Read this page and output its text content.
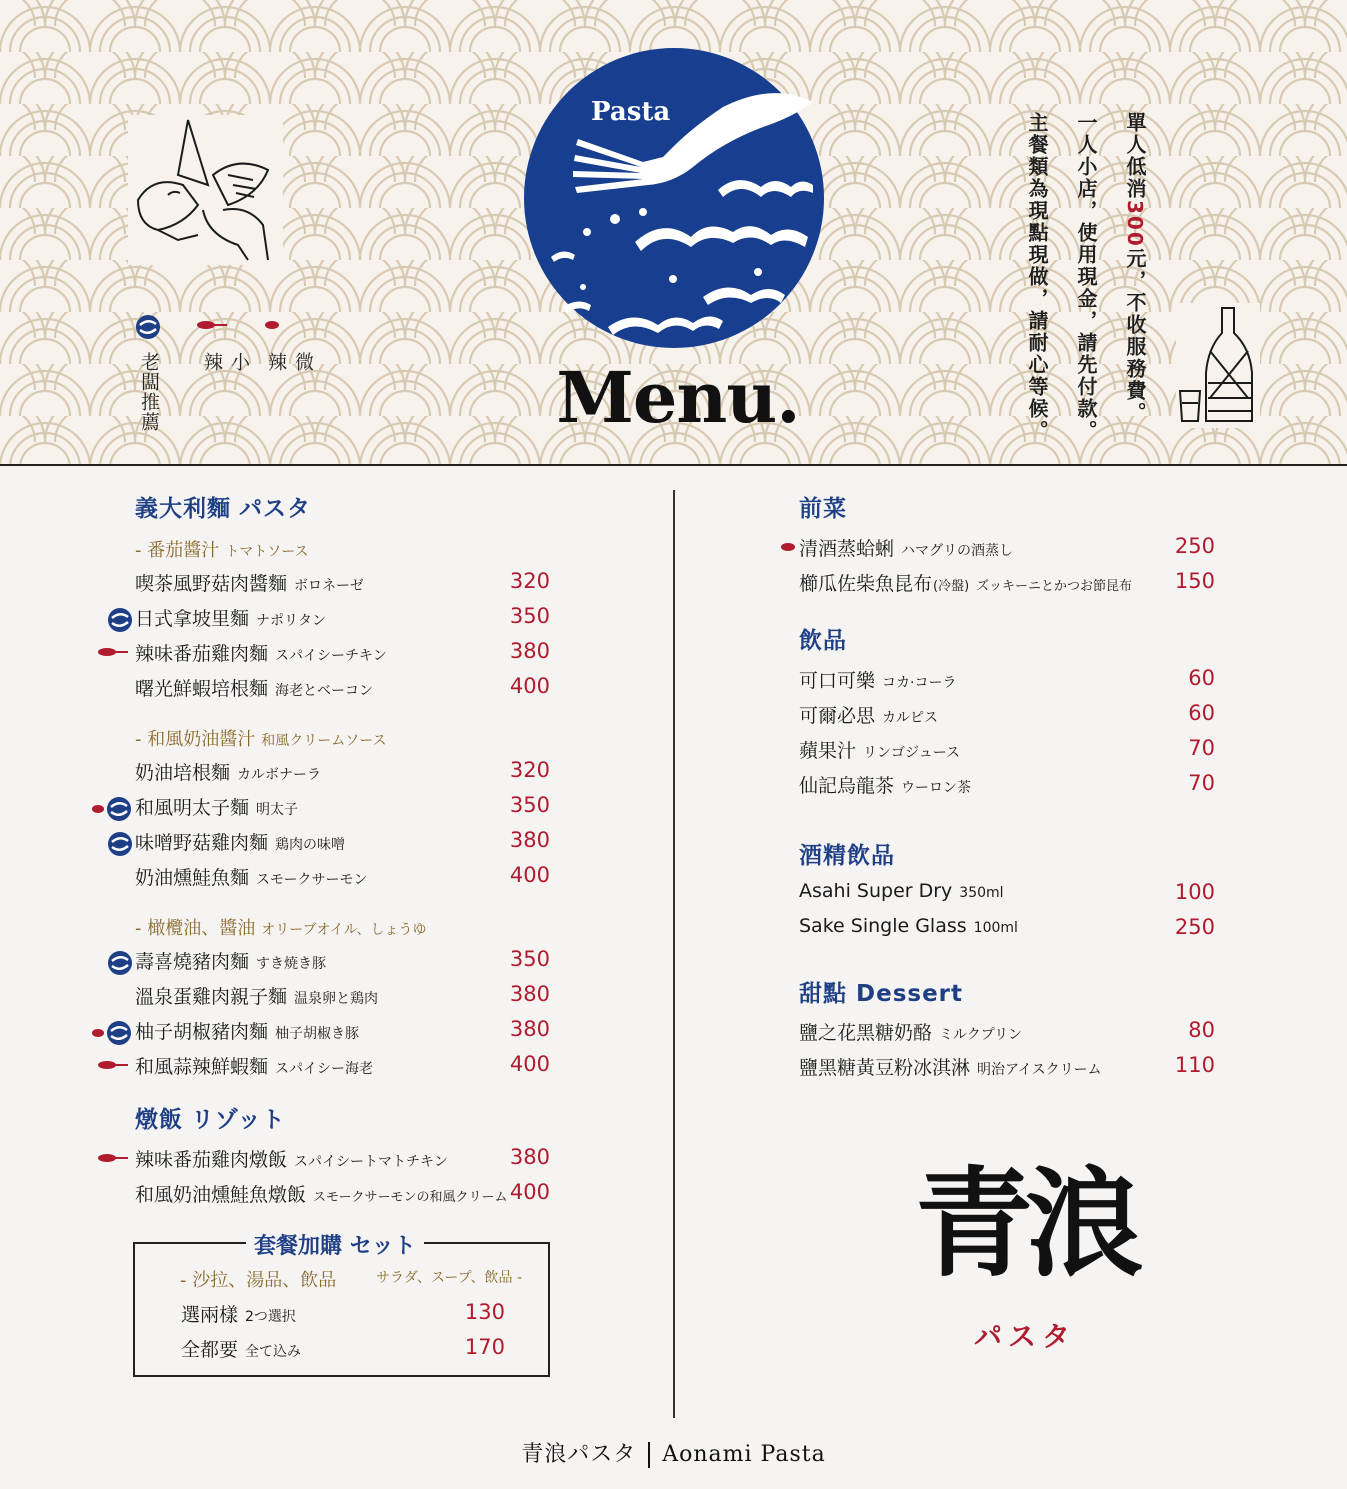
老闆推薦	小 辣	微 辣
Pasta
Menu.
單人低消300元，不收服務費。
一人小店，使用現金，請先付款。
主餐類為現點現做，請耐心等候。
義大利麵 パスタ
- 番茄醬汁 トマトソース
喫茶風野菇肉醬麵 ボロネーゼ	320
日式拿坡里麵 ナポリタン	350
辣味番茄雞肉麵 スパイシーチキン	380
曙光鮮蝦培根麵 海老とベーコン	400
- 和風奶油醬汁 和風クリームソース
奶油培根麵 カルボナーラ	320
和風明太子麵 明太子	350
味噌野菇雞肉麵 鶏肉の味噌	380
奶油燻鮭魚麵 スモークサーモン	400
- 橄欖油、醬油 オリーブオイル、しょうゆ
壽喜燒豬肉麵 すき焼き豚	350
溫泉蛋雞肉親子麵 温泉卵と鶏肉	380
柚子胡椒豬肉麵 柚子胡椒き豚	380
和風蒜辣鮮蝦麵 スパイシー海老	400
燉飯 リゾット
辣味番茄雞肉燉飯 スパイシートマトチキン	380
和風奶油燻鮭魚燉飯 スモークサーモンの和風クリーム 400
套餐加購 セット
- 沙拉、湯品、飲品	サラダ、スープ、飲品 -
選兩樣 2つ選択	130
全都要 全て込み	170
前菜
清酒蒸蛤蜊 ハマグリの酒蒸し	250
櫛瓜佐柴魚昆布 (冷盤) ズッキーニとかつお節昆布	150
飲品
可口可樂 コカ·コーラ	60
可爾必思 カルピス	60
蘋果汁 リンゴジュース	70
仙記烏龍茶 ウーロン茶	70
酒精飲品
Asahi Super Dry 350ml	100
Sake Single Glass 100ml	250
甜點 Dessert
鹽之花黑糖奶酪 ミルクプリン	80
鹽黑糖黃豆粉冰淇淋 明治アイスクリーム	110
青浪
パスタ
青浪パスタ Aonami Pasta
